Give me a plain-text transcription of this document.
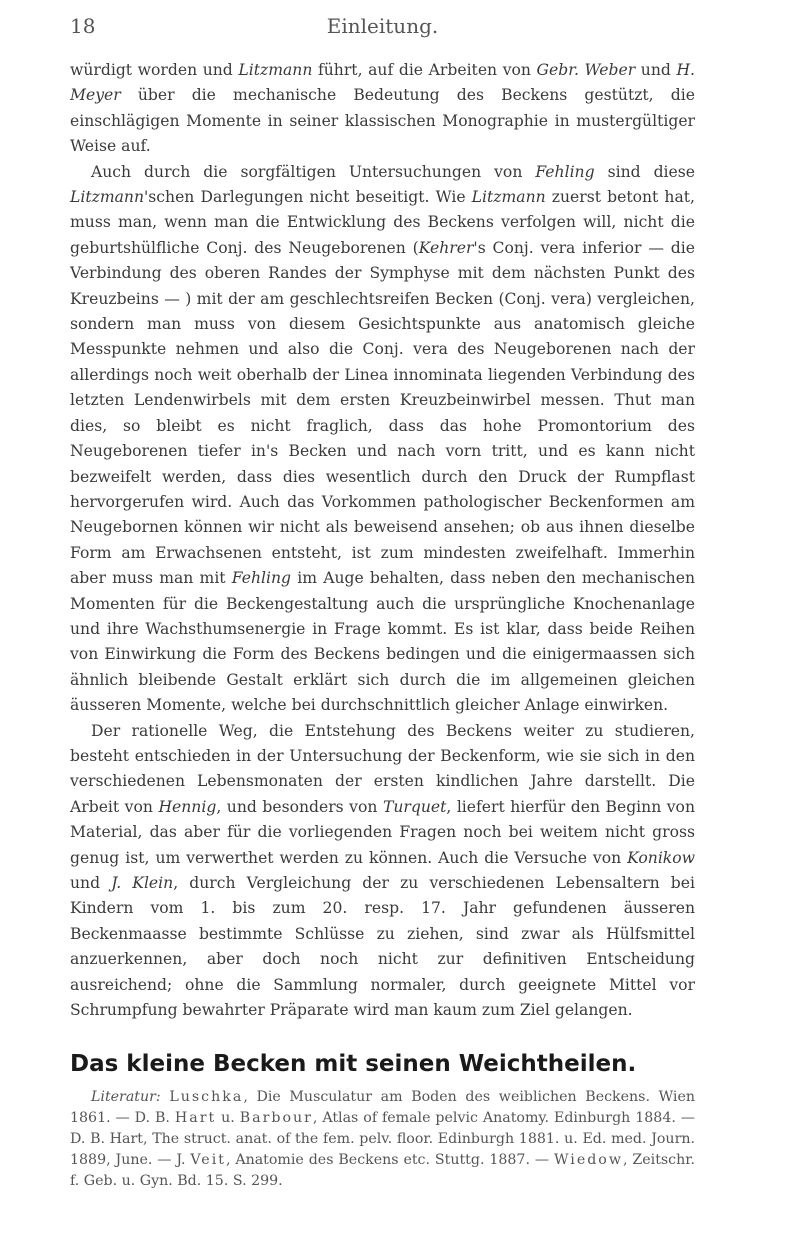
18	Einleitung.

würdigt worden und Litzmann führt, auf die Arbeiten von Gebr. Weber und H. Meyer über die mechanische Bedeutung des Beckens gestützt, die einschlägigen Momente in seiner klassischen Monographie in mustergültiger Weise auf.

Auch durch die sorgfältigen Untersuchungen von Fehling sind diese Litzmann'schen Darlegungen nicht beseitigt. Wie Litzmann zuerst betont hat, muss man, wenn man die Entwicklung des Beckens verfolgen will, nicht die geburtshülfliche Conj. des Neugeborenen (Kehrer's Conj. vera inferior — die Verbindung des oberen Randes der Symphyse mit dem nächsten Punkt des Kreuzbeins — ) mit der am geschlechtsreifen Becken (Conj. vera) vergleichen, sondern man muss von diesem Gesichtspunkte aus anatomisch gleiche Messpunkte nehmen und also die Conj. vera des Neugeborenen nach der allerdings noch weit oberhalb der Linea innominata liegenden Verbindung des letzten Lendenwirbels mit dem ersten Kreuzbeinwirbel messen. Thut man dies, so bleibt es nicht fraglich, dass das hohe Promontorium des Neugeborenen tiefer in's Becken und nach vorn tritt, und es kann nicht bezweifelt werden, dass dies wesentlich durch den Druck der Rumpflast hervorgerufen wird. Auch das Vorkommen pathologischer Beckenformen am Neugebornen können wir nicht als beweisend ansehen; ob aus ihnen dieselbe Form am Erwachsenen entsteht, ist zum mindesten zweifelhaft. Immerhin aber muss man mit Fehling im Auge behalten, dass neben den mechanischen Momenten für die Beckengestaltung auch die ursprüngliche Knochenanlage und ihre Wachsthumsenergie in Frage kommt. Es ist klar, dass beide Reihen von Einwirkung die Form des Beckens bedingen und die einigermaassen sich ähnlich bleibende Gestalt erklärt sich durch die im allgemeinen gleichen äusseren Momente, welche bei durchschnittlich gleicher Anlage einwirken.

Der rationelle Weg, die Entstehung des Beckens weiter zu studieren, besteht entschieden in der Untersuchung der Beckenform, wie sie sich in den verschiedenen Lebensmonaten der ersten kindlichen Jahre darstellt. Die Arbeit von Hennig, und besonders von Turquet, liefert hierfür den Beginn von Material, das aber für die vorliegenden Fragen noch bei weitem nicht gross genug ist, um verwerthet werden zu können. Auch die Versuche von Konikow und J. Klein, durch Vergleichung der zu verschiedenen Lebensaltern bei Kindern vom 1. bis zum 20. resp. 17. Jahr gefundenen äusseren Beckenmaasse bestimmte Schlüsse zu ziehen, sind zwar als Hülfsmittel anzuerkennen, aber doch noch nicht zur definitiven Entscheidung ausreichend; ohne die Sammlung normaler, durch geeignete Mittel vor Schrumpfung bewahrter Präparate wird man kaum zum Ziel gelangen.

Das kleine Becken mit seinen Weichtheilen.

Literatur: Luschka, Die Musculatur am Boden des weiblichen Beckens. Wien 1861. — D. B. Hart u. Barbour, Atlas of female pelvic Anatomy. Edinburgh 1884. — D. B. Hart, The struct. anat. of the fem. pelv. floor. Edinburgh 1881. u. Ed. med. Journ. 1889, June. — J. Veit, Anatomie des Beckens etc. Stuttg. 1887. — Wiedow, Zeitschr. f. Geb. u. Gyn. Bd. 15. S. 299.
